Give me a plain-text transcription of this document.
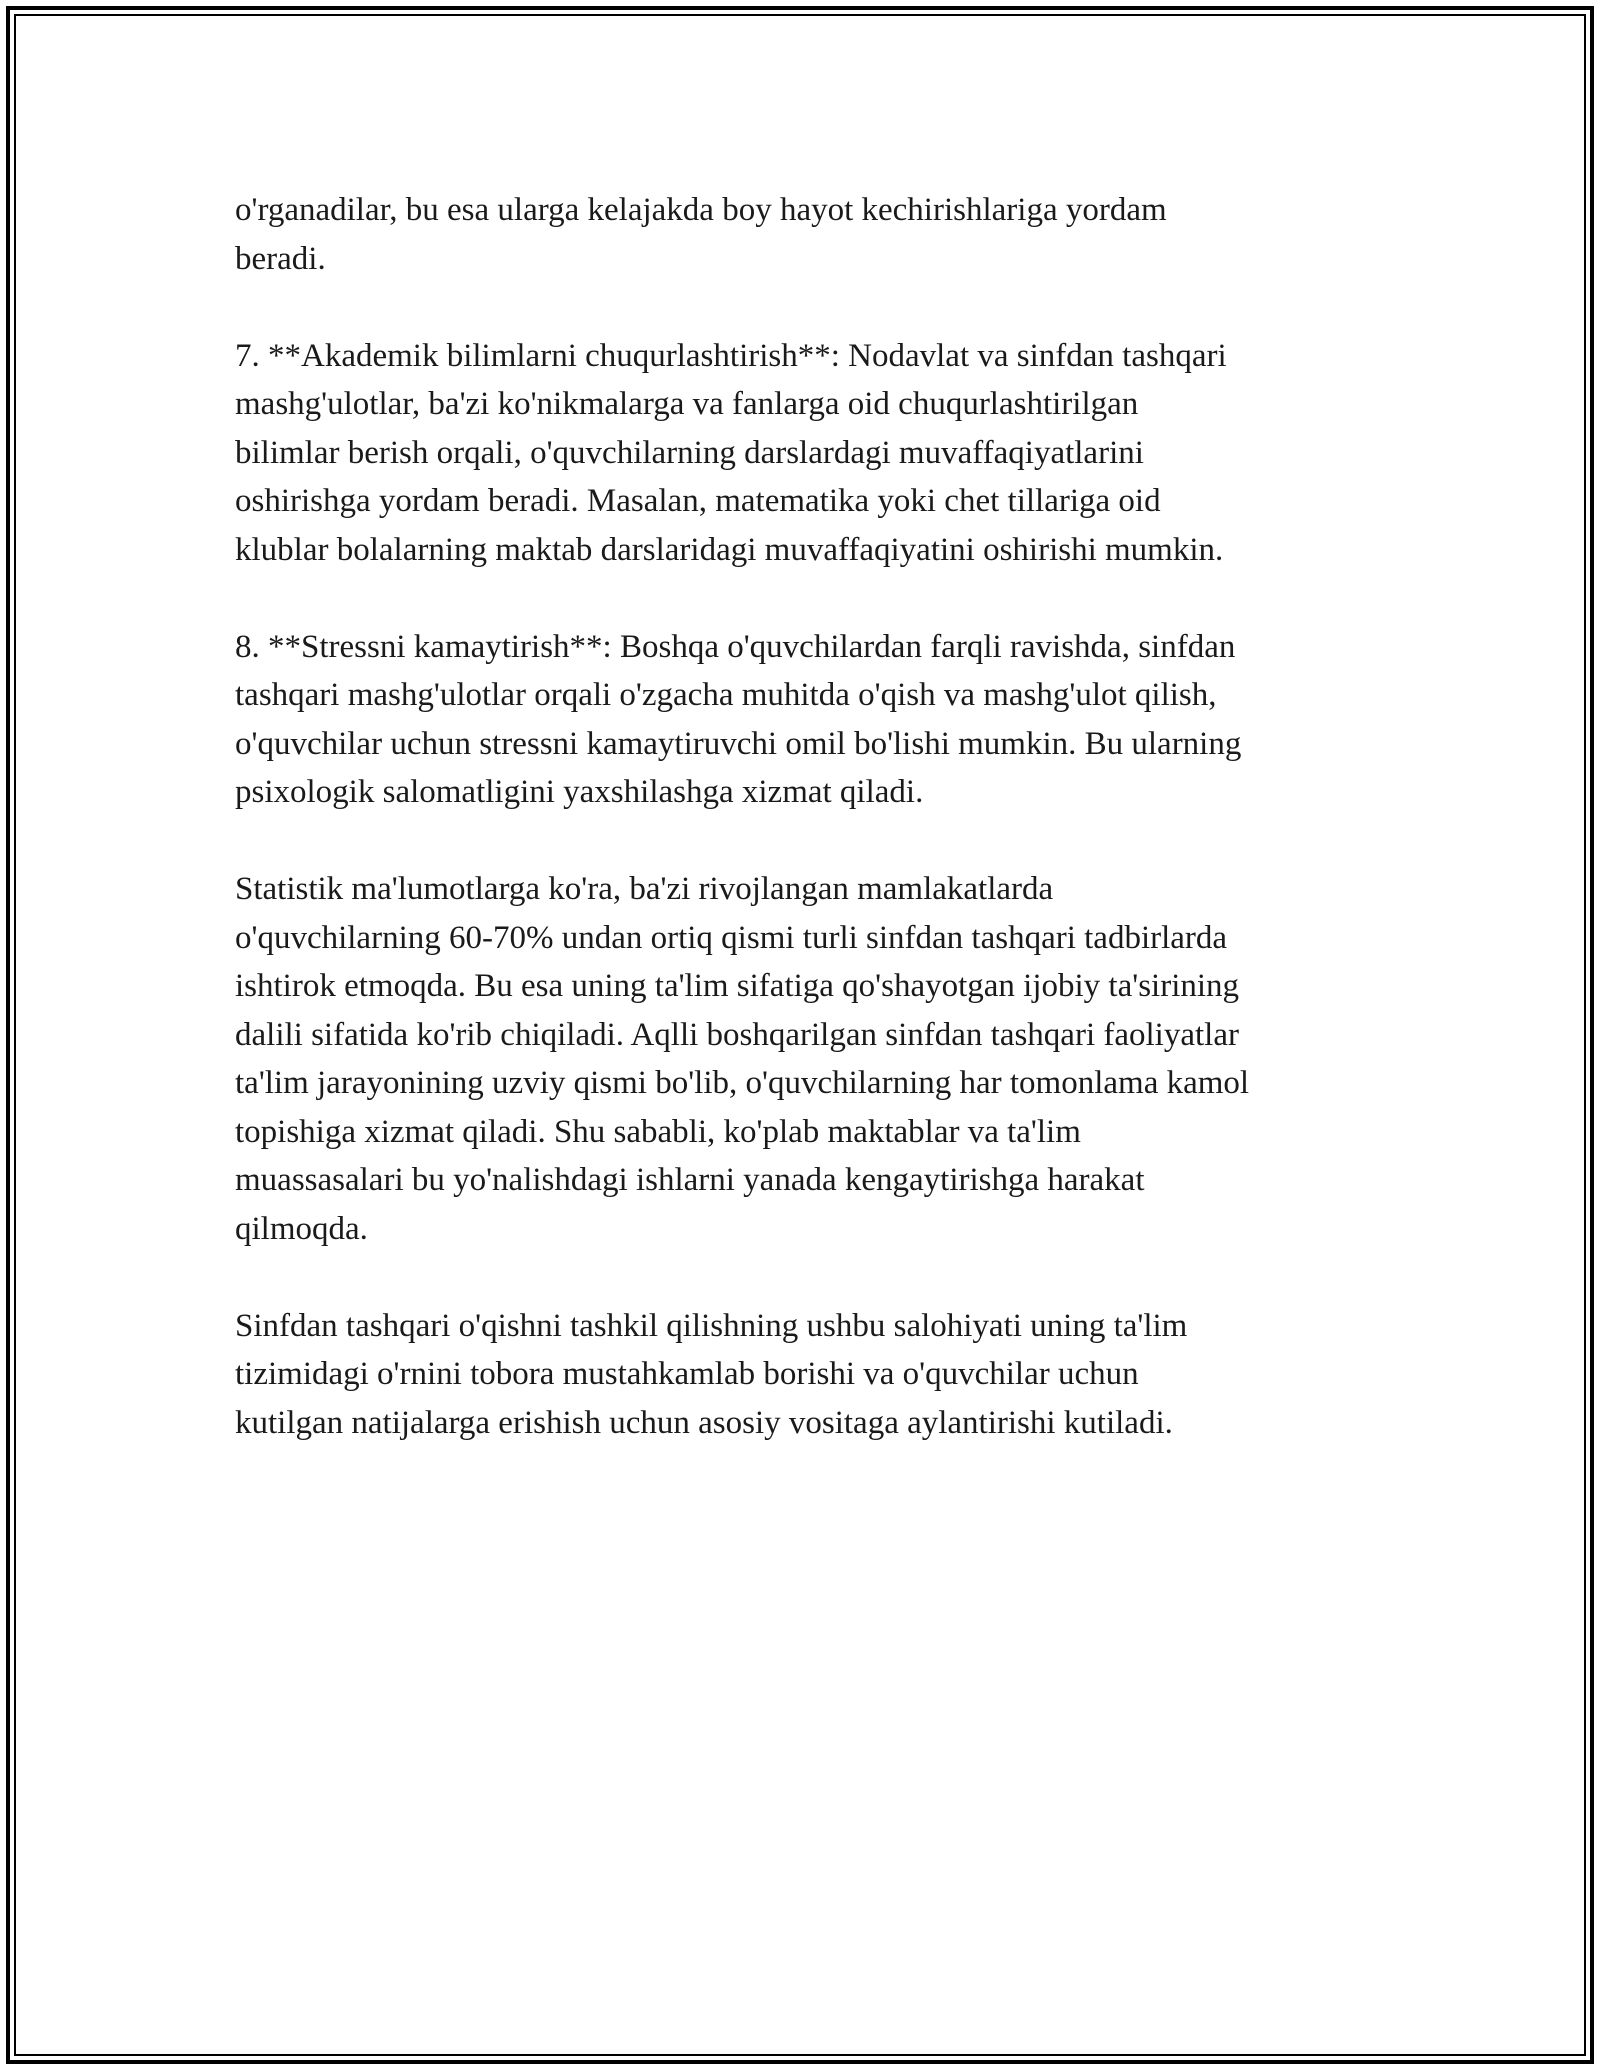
o'rganadilar, bu esa ularga kelajakda boy hayot kechirishlariga yordam
beradi.

7. **Akademik bilimlarni chuqurlashtirish**: Nodavlat va sinfdan tashqari
mashg'ulotlar, ba'zi ko'nikmalarga va fanlarga oid chuqurlashtirilgan
bilimlar berish orqali, o'quvchilarning darslardagi muvaffaqiyatlarini
oshirishga yordam beradi. Masalan, matematika yoki chet tillariga oid
klublar bolalarning maktab darslaridagi muvaffaqiyatini oshirishi mumkin.

8. **Stressni kamaytirish**: Boshqa o'quvchilardan farqli ravishda, sinfdan
tashqari mashg'ulotlar orqali o'zgacha muhitda o'qish va mashg'ulot qilish,
o'quvchilar uchun stressni kamaytiruvchi omil bo'lishi mumkin. Bu ularning
psixologik salomatligini yaxshilashga xizmat qiladi.

Statistik ma'lumotlarga ko'ra, ba'zi rivojlangan mamlakatlarda
o'quvchilarning 60-70% undan ortiq qismi turli sinfdan tashqari tadbirlarda
ishtirok etmoqda. Bu esa uning ta'lim sifatiga qo'shayotgan ijobiy ta'sirining
dalili sifatida ko'rib chiqiladi. Aqlli boshqarilgan sinfdan tashqari faoliyatlar
ta'lim jarayonining uzviy qismi bo'lib, o'quvchilarning har tomonlama kamol
topishiga xizmat qiladi. Shu sababli, ko'plab maktablar va ta'lim
muassasalari bu yo'nalishdagi ishlarni yanada kengaytirishga harakat
qilmoqda.

Sinfdan tashqari o'qishni tashkil qilishning ushbu salohiyati uning ta'lim
tizimidagi o'rnini tobora mustahkamlab borishi va o'quvchilar uchun
kutilgan natijalarga erishish uchun asosiy vositaga aylantirishi kutiladi.
